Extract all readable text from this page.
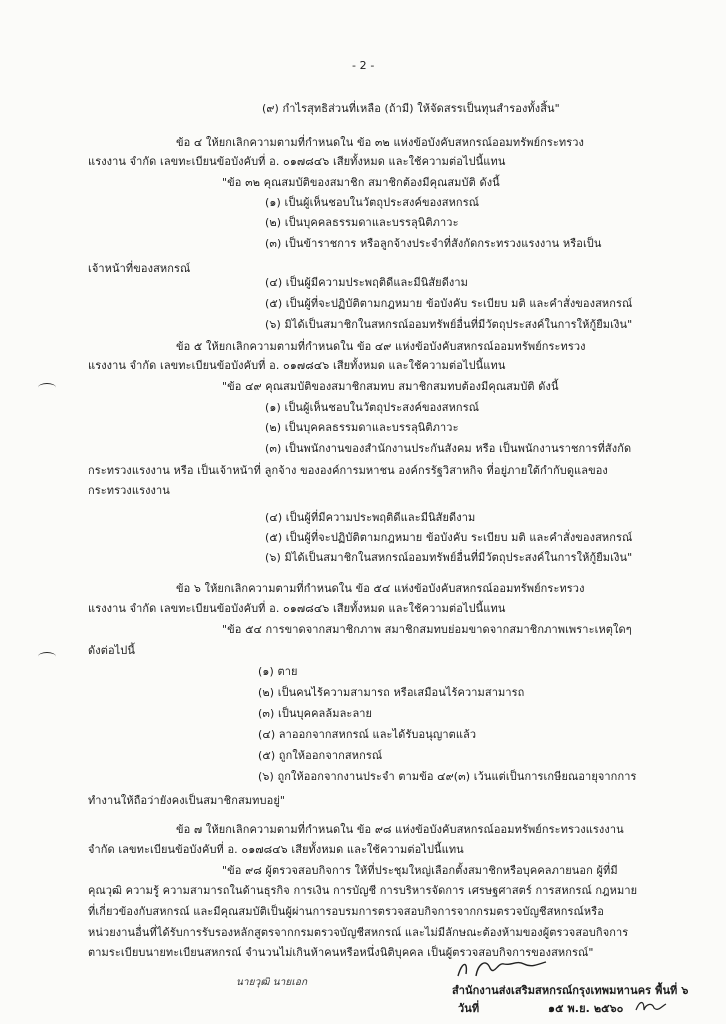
- 2 -
(๙) กำไรสุทธิส่วนที่เหลือ (ถ้ามี) ให้จัดสรรเป็นทุนสำรองทั้งสิ้น"
ข้อ ๔ ให้ยกเลิกความตามที่กำหนดใน ข้อ ๓๒ แห่งข้อบังคับสหกรณ์ออมทรัพย์กระทรวง
แรงงาน จำกัด เลขทะเบียนข้อบังคับที่ อ. ๐๑๗๘๔๖ เสียทั้งหมด และใช้ความต่อไปนี้แทน
"ข้อ ๓๒ คุณสมบัติของสมาชิก สมาชิกต้องมีคุณสมบัติ ดังนี้
(๑) เป็นผู้เห็นชอบในวัตถุประสงค์ของสหกรณ์
(๒) เป็นบุคคลธรรมดาและบรรลุนิติภาวะ
(๓) เป็นข้าราชการ หรือลูกจ้างประจำที่สังกัดกระทรวงแรงงาน หรือเป็น
เจ้าหน้าที่ของสหกรณ์
(๔) เป็นผู้มีความประพฤติดีและมีนิสัยดีงาม
(๕) เป็นผู้ที่จะปฏิบัติตามกฎหมาย ข้อบังคับ ระเบียบ มติ และคำสั่งของสหกรณ์
(๖) มิได้เป็นสมาชิกในสหกรณ์ออมทรัพย์อื่นที่มีวัตถุประสงค์ในการให้กู้ยืมเงิน"
ข้อ ๕ ให้ยกเลิกความตามที่กำหนดใน ข้อ ๔๙ แห่งข้อบังคับสหกรณ์ออมทรัพย์กระทรวง
แรงงาน จำกัด เลขทะเบียนข้อบังคับที่ อ. ๐๑๗๘๔๖ เสียทั้งหมด และใช้ความต่อไปนี้แทน
"ข้อ ๔๙ คุณสมบัติของสมาชิกสมทบ สมาชิกสมทบต้องมีคุณสมบัติ ดังนี้
(๑) เป็นผู้เห็นชอบในวัตถุประสงค์ของสหกรณ์
(๒) เป็นบุคคลธรรมดาและบรรลุนิติภาวะ
(๓) เป็นพนักงานของสำนักงานประกันสังคม หรือ เป็นพนักงานราชการที่สังกัด
กระทรวงแรงงาน หรือ เป็นเจ้าหน้าที่ ลูกจ้าง ขององค์การมหาชน องค์กรรัฐวิสาหกิจ ที่อยู่ภายใต้กำกับดูแลของ
กระทรวงแรงงาน
(๔) เป็นผู้ที่มีความประพฤติดีและมีนิสัยดีงาม
(๕) เป็นผู้ที่จะปฏิบัติตามกฎหมาย ข้อบังคับ ระเบียบ มติ และคำสั่งของสหกรณ์
(๖) มิได้เป็นสมาชิกในสหกรณ์ออมทรัพย์อื่นที่มีวัตถุประสงค์ในการให้กู้ยืมเงิน"
ข้อ ๖ ให้ยกเลิกความตามที่กำหนดใน ข้อ ๕๔ แห่งข้อบังคับสหกรณ์ออมทรัพย์กระทรวง
แรงงาน จำกัด เลขทะเบียนข้อบังคับที่ อ. ๐๑๗๘๔๖ เสียทั้งหมด และใช้ความต่อไปนี้แทน
"ข้อ ๕๔ การขาดจากสมาชิกภาพ สมาชิกสมทบย่อมขาดจากสมาชิกภาพเพราะเหตุใดๆ
ดังต่อไปนี้
(๑) ตาย
(๒) เป็นคนไร้ความสามารถ หรือเสมือนไร้ความสามารถ
(๓) เป็นบุคคลล้มละลาย
(๔) ลาออกจากสหกรณ์ และได้รับอนุญาตแล้ว
(๕) ถูกให้ออกจากสหกรณ์
(๖) ถูกให้ออกจากงานประจำ ตามข้อ ๔๙(๓) เว้นแต่เป็นการเกษียณอายุจากการ
ทำงานให้ถือว่ายังคงเป็นสมาชิกสมทบอยู่"
ข้อ ๗ ให้ยกเลิกความตามที่กำหนดใน ข้อ ๙๘ แห่งข้อบังคับสหกรณ์ออมทรัพย์กระทรวงแรงงาน
จำกัด เลขทะเบียนข้อบังคับที่ อ. ๐๑๗๘๔๖ เสียทั้งหมด และใช้ความต่อไปนี้แทน
"ข้อ ๙๘ ผู้ตรวจสอบกิจการ ให้ที่ประชุมใหญ่เลือกตั้งสมาชิกหรือบุคคลภายนอก ผู้ที่มี
คุณวุฒิ ความรู้ ความสามารถในด้านธุรกิจ การเงิน การบัญชี การบริหารจัดการ เศรษฐศาสตร์ การสหกรณ์ กฎหมาย
ที่เกี่ยวข้องกับสหกรณ์ และมีคุณสมบัติเป็นผู้ผ่านการอบรมการตรวจสอบกิจการจากกรมตรวจบัญชีสหกรณ์หรือ
หน่วยงานอื่นที่ได้รับการรับรองหลักสูตรจากกรมตรวจบัญชีสหกรณ์ และไม่มีลักษณะต้องห้ามของผู้ตรวจสอบกิจการ
ตามระเบียบนายทะเบียนสหกรณ์ จำนวนไม่เกินห้าคนหรือหนึ่งนิติบุคคล เป็นผู้ตรวจสอบกิจการของสหกรณ์"
นายวุฒิ นายเอก
สำนักงานส่งเสริมสหกรณ์กรุงเทพมหานคร พื้นที่ ๖
วันที่	๑๕ พ.ย. ๒๕๖๐
